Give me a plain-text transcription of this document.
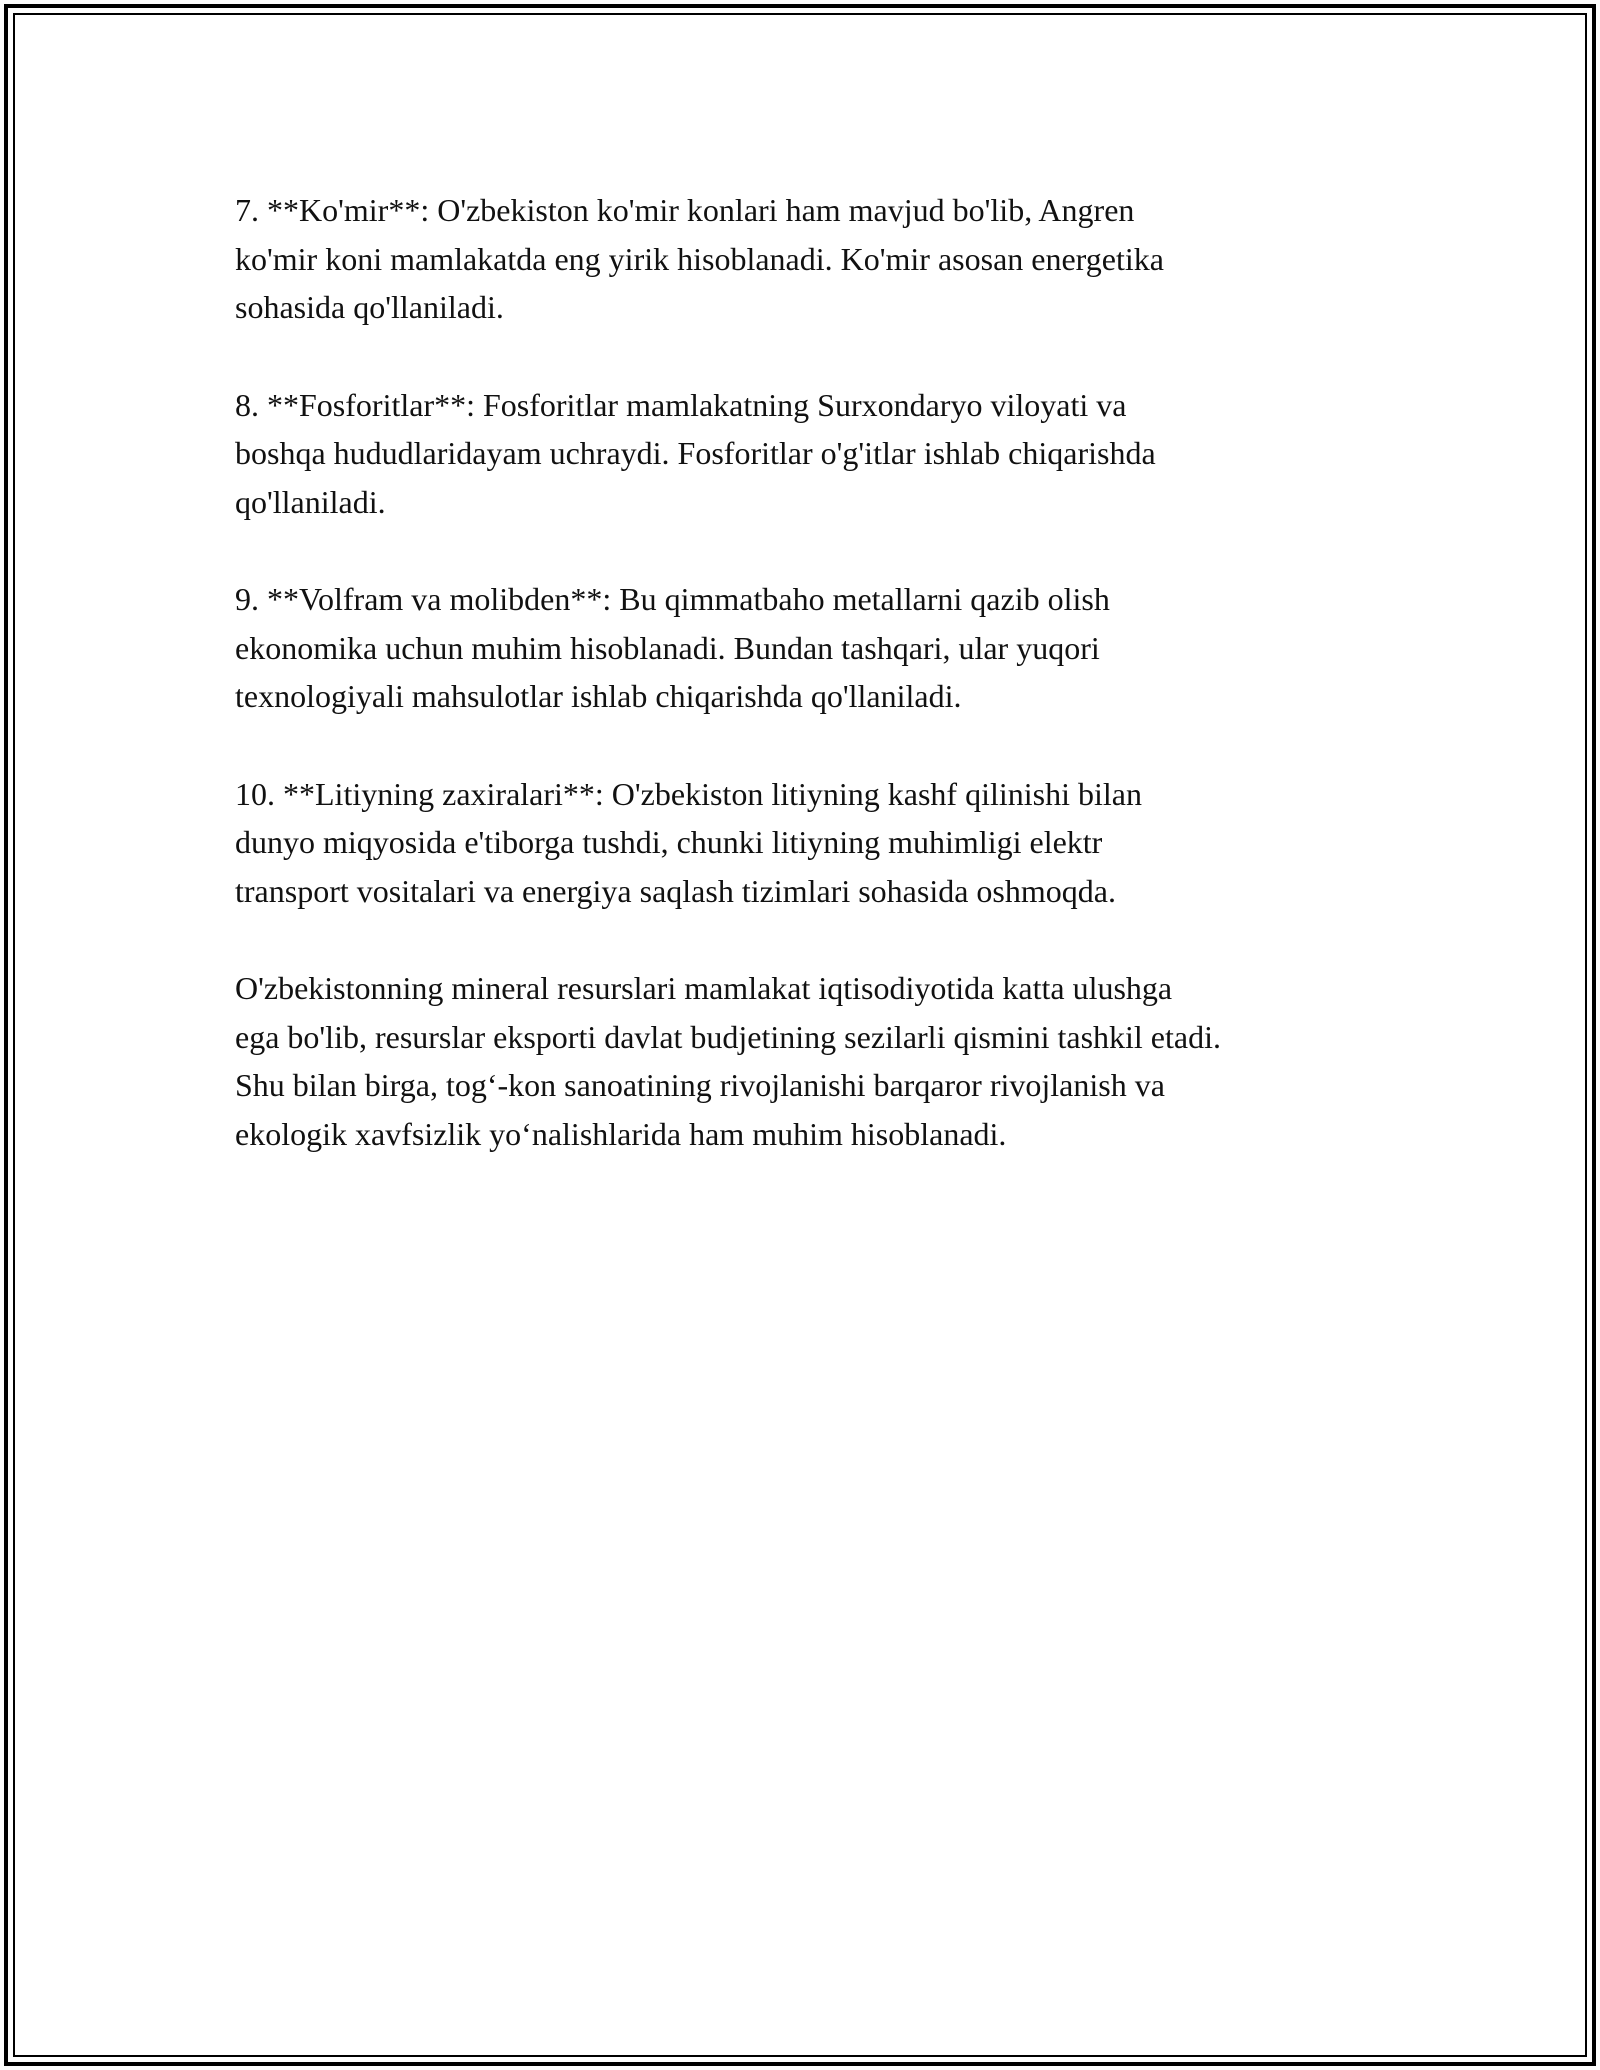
7. **Ko'mir**: O'zbekiston ko'mir konlari ham mavjud bo'lib, Angren
ko'mir koni mamlakatda eng yirik hisoblanadi. Ko'mir asosan energetika
sohasida qo'llaniladi.

8. **Fosforitlar**: Fosforitlar mamlakatning Surxondaryo viloyati va
boshqa hududlaridayam uchraydi. Fosforitlar o'g'itlar ishlab chiqarishda
qo'llaniladi.

9. **Volfram va molibden**: Bu qimmatbaho metallarni qazib olish
ekonomika uchun muhim hisoblanadi. Bundan tashqari, ular yuqori
texnologiyali mahsulotlar ishlab chiqarishda qo'llaniladi.

10. **Litiyning zaxiralari**: O'zbekiston litiyning kashf qilinishi bilan
dunyo miqyosida e'tiborga tushdi, chunki litiyning muhimligi elektr
transport vositalari va energiya saqlash tizimlari sohasida oshmoqda.

O'zbekistonning mineral resurslari mamlakat iqtisodiyotida katta ulushga
ega bo'lib, resurslar eksporti davlat budjetining sezilarli qismini tashkil etadi.
Shu bilan birga, tog‘-kon sanoatining rivojlanishi barqaror rivojlanish va
ekologik xavfsizlik yo‘nalishlarida ham muhim hisoblanadi.
